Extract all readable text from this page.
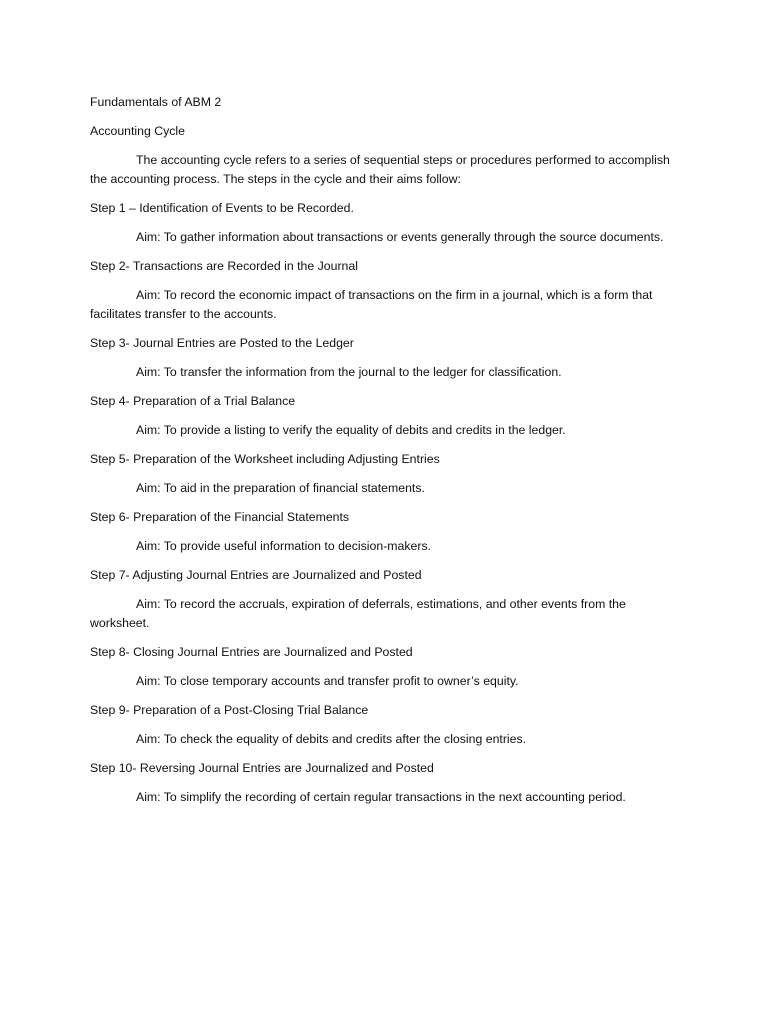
Fundamentals of ABM 2

Accounting Cycle

The accounting cycle refers to a series of sequential steps or procedures performed to accomplish the accounting process. The steps in the cycle and their aims follow:

Step 1 – Identification of Events to be Recorded.

Aim: To gather information about transactions or events generally through the source documents.

Step 2- Transactions are Recorded in the Journal

Aim: To record the economic impact of transactions on the firm in a journal, which is a form that facilitates transfer to the accounts.

Step 3- Journal Entries are Posted to the Ledger

Aim: To transfer the information from the journal to the ledger for classification.

Step 4- Preparation of a Trial Balance

Aim: To provide a listing to verify the equality of debits and credits in the ledger.

Step 5- Preparation of the Worksheet including Adjusting Entries

Aim: To aid in the preparation of financial statements.

Step 6- Preparation of the Financial Statements

Aim: To provide useful information to decision-makers.

Step 7- Adjusting Journal Entries are Journalized and Posted

Aim: To record the accruals, expiration of deferrals, estimations, and other events from the worksheet.

Step 8- Closing Journal Entries are Journalized and Posted

Aim: To close temporary accounts and transfer profit to owner’s equity.

Step 9- Preparation of a Post-Closing Trial Balance

Aim: To check the equality of debits and credits after the closing entries.

Step 10- Reversing Journal Entries are Journalized and Posted

Aim: To simplify the recording of certain regular transactions in the next accounting period.
